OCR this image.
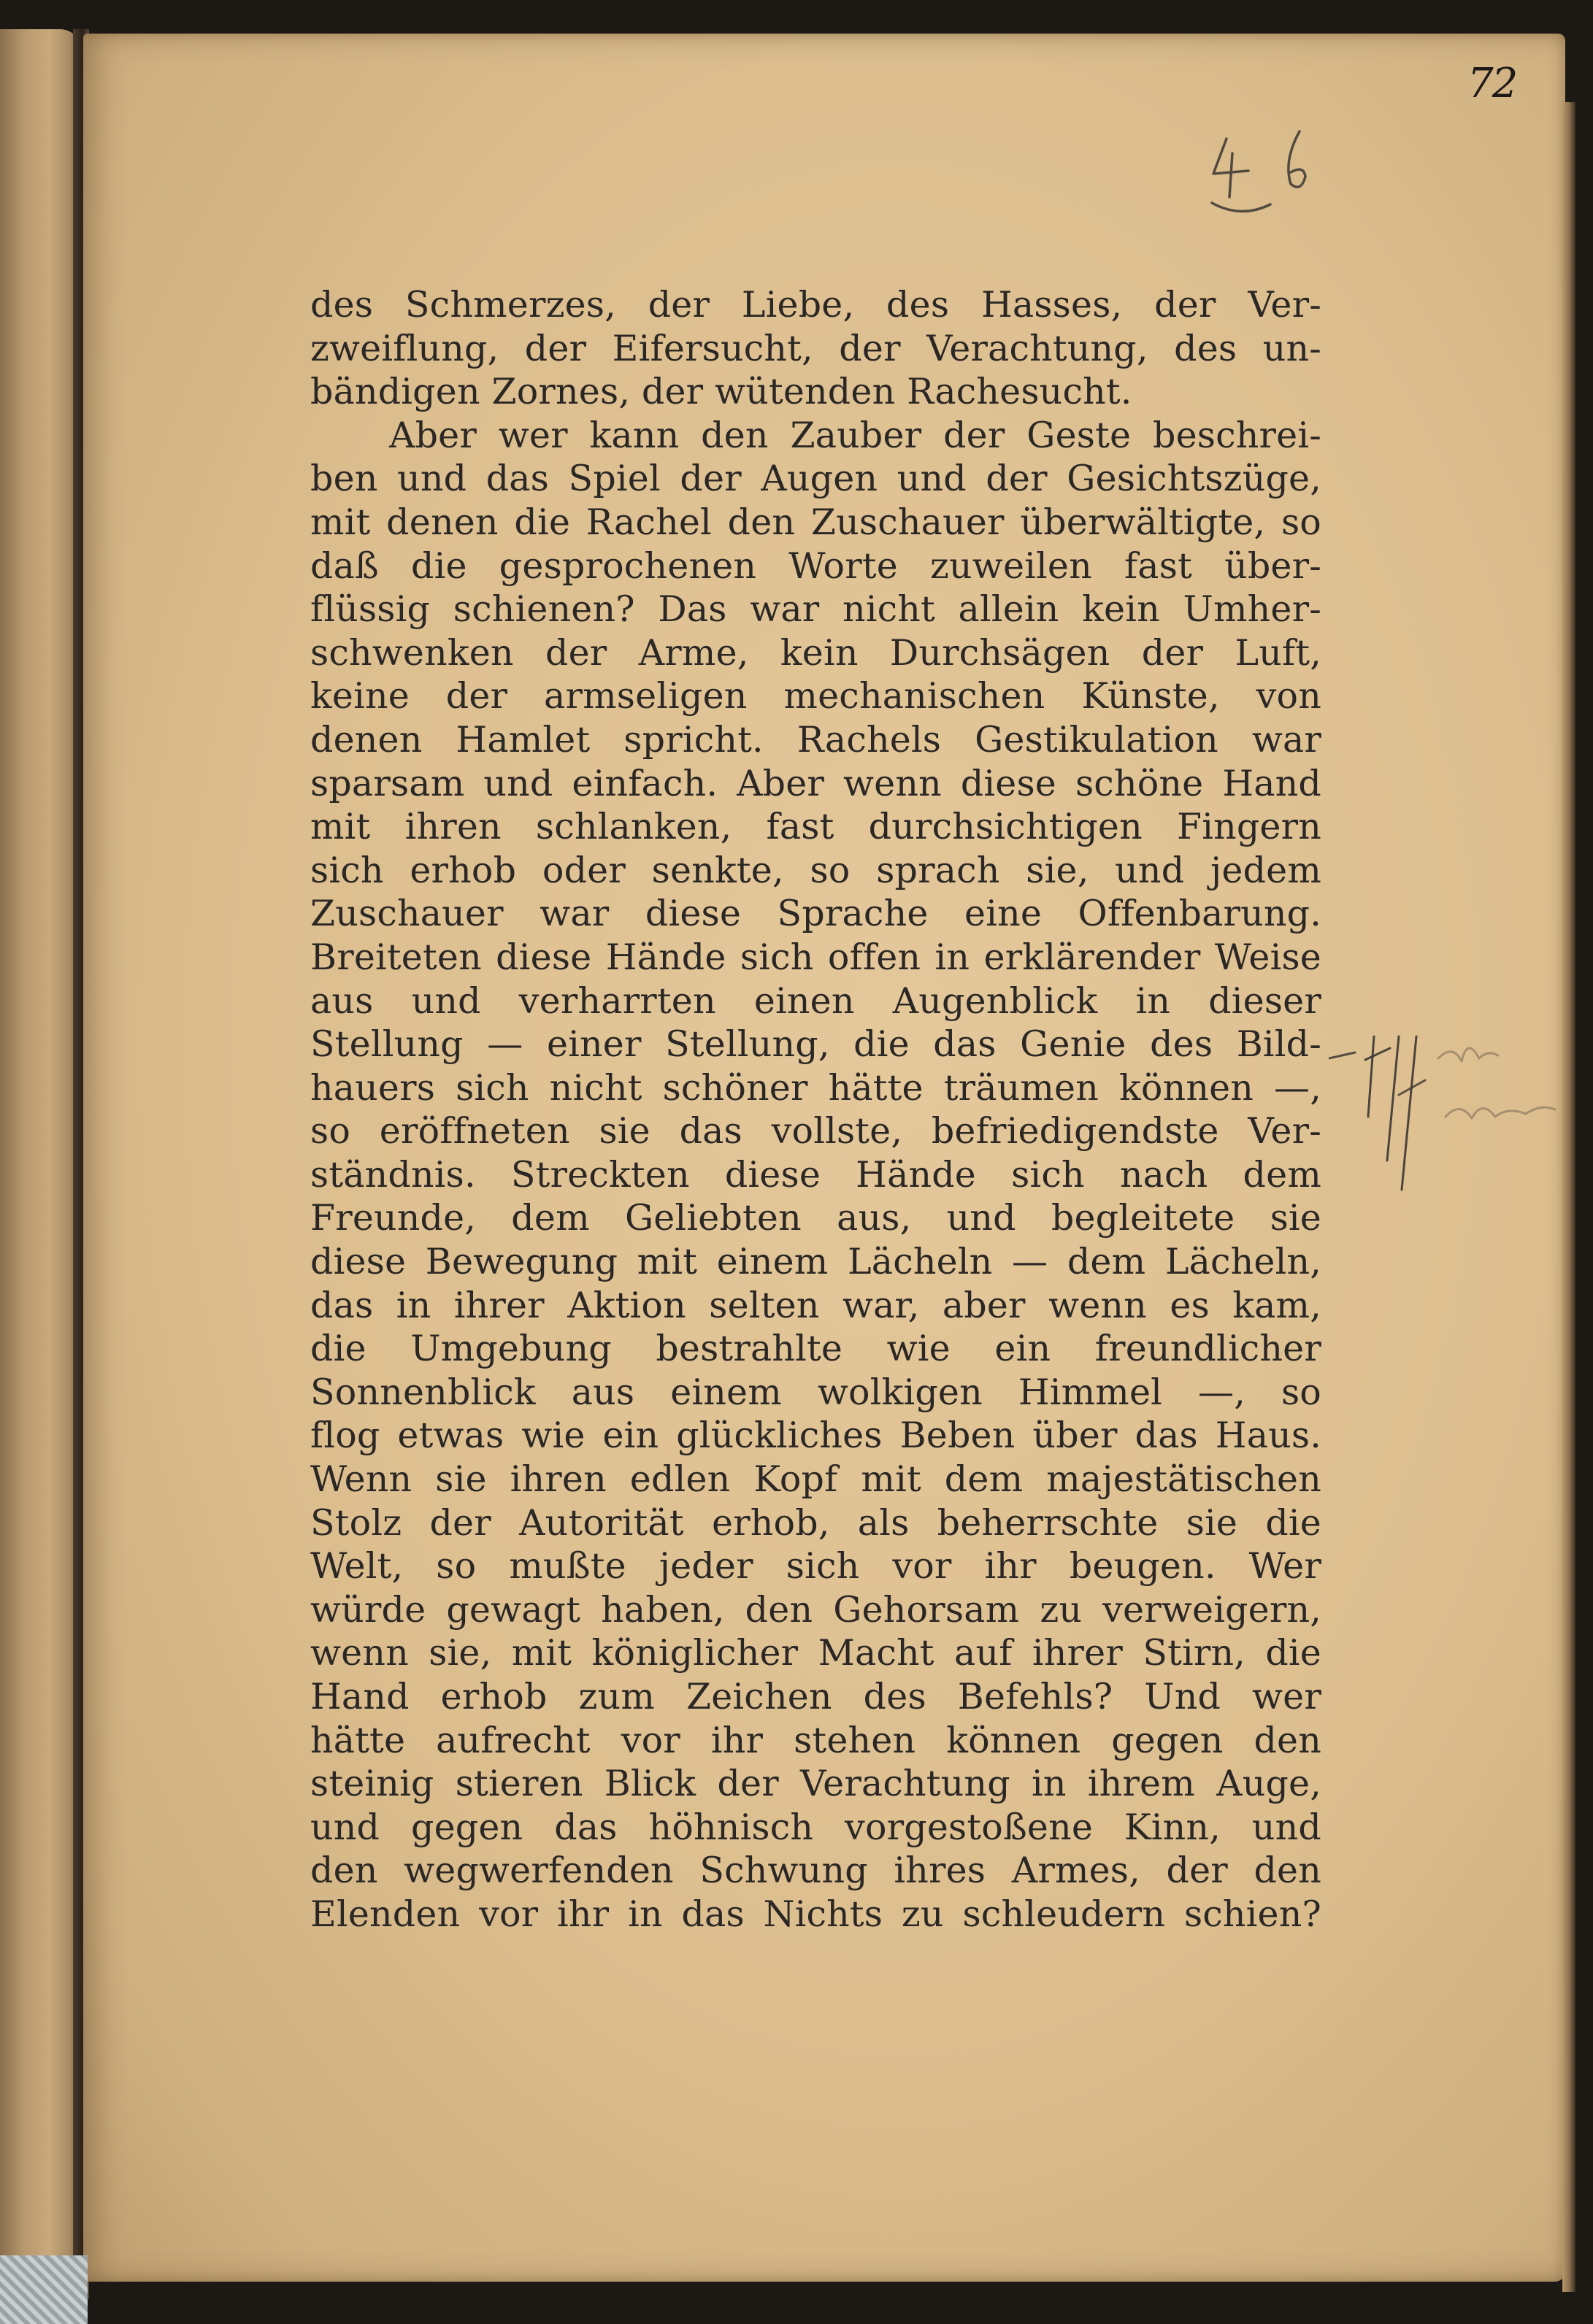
72
des Schmerzes, der Liebe, des Hasses, der Ver-
zweiflung, der Eifersucht, der Verachtung, des un-
bändigen Zornes, der wütenden Rachesucht.
Aber wer kann den Zauber der Geste beschrei-
ben und das Spiel der Augen und der Gesichtszüge,
mit denen die Rachel den Zuschauer überwältigte, so
daß die gesprochenen Worte zuweilen fast über-
flüssig schienen? Das war nicht allein kein Umher-
schwenken der Arme, kein Durchsägen der Luft,
keine der armseligen mechanischen Künste, von
denen Hamlet spricht. Rachels Gestikulation war
sparsam und einfach. Aber wenn diese schöne Hand
mit ihren schlanken, fast durchsichtigen Fingern
sich erhob oder senkte, so sprach sie, und jedem
Zuschauer war diese Sprache eine Offenbarung.
Breiteten diese Hände sich offen in erklärender Weise
aus und verharrten einen Augenblick in dieser
Stellung — einer Stellung, die das Genie des Bild-
hauers sich nicht schöner hätte träumen können —,
so eröffneten sie das vollste, befriedigendste Ver-
ständnis. Streckten diese Hände sich nach dem
Freunde, dem Geliebten aus, und begleitete sie
diese Bewegung mit einem Lächeln — dem Lächeln,
das in ihrer Aktion selten war, aber wenn es kam,
die Umgebung bestrahlte wie ein freundlicher
Sonnenblick aus einem wolkigen Himmel —, so
flog etwas wie ein glückliches Beben über das Haus.
Wenn sie ihren edlen Kopf mit dem majestätischen
Stolz der Autorität erhob, als beherrschte sie die
Welt, so mußte jeder sich vor ihr beugen. Wer
würde gewagt haben, den Gehorsam zu verweigern,
wenn sie, mit königlicher Macht auf ihrer Stirn, die
Hand erhob zum Zeichen des Befehls? Und wer
hätte aufrecht vor ihr stehen können gegen den
steinig stieren Blick der Verachtung in ihrem Auge,
und gegen das höhnisch vorgestoßene Kinn, und
den wegwerfenden Schwung ihres Armes, der den
Elenden vor ihr in das Nichts zu schleudern schien?
